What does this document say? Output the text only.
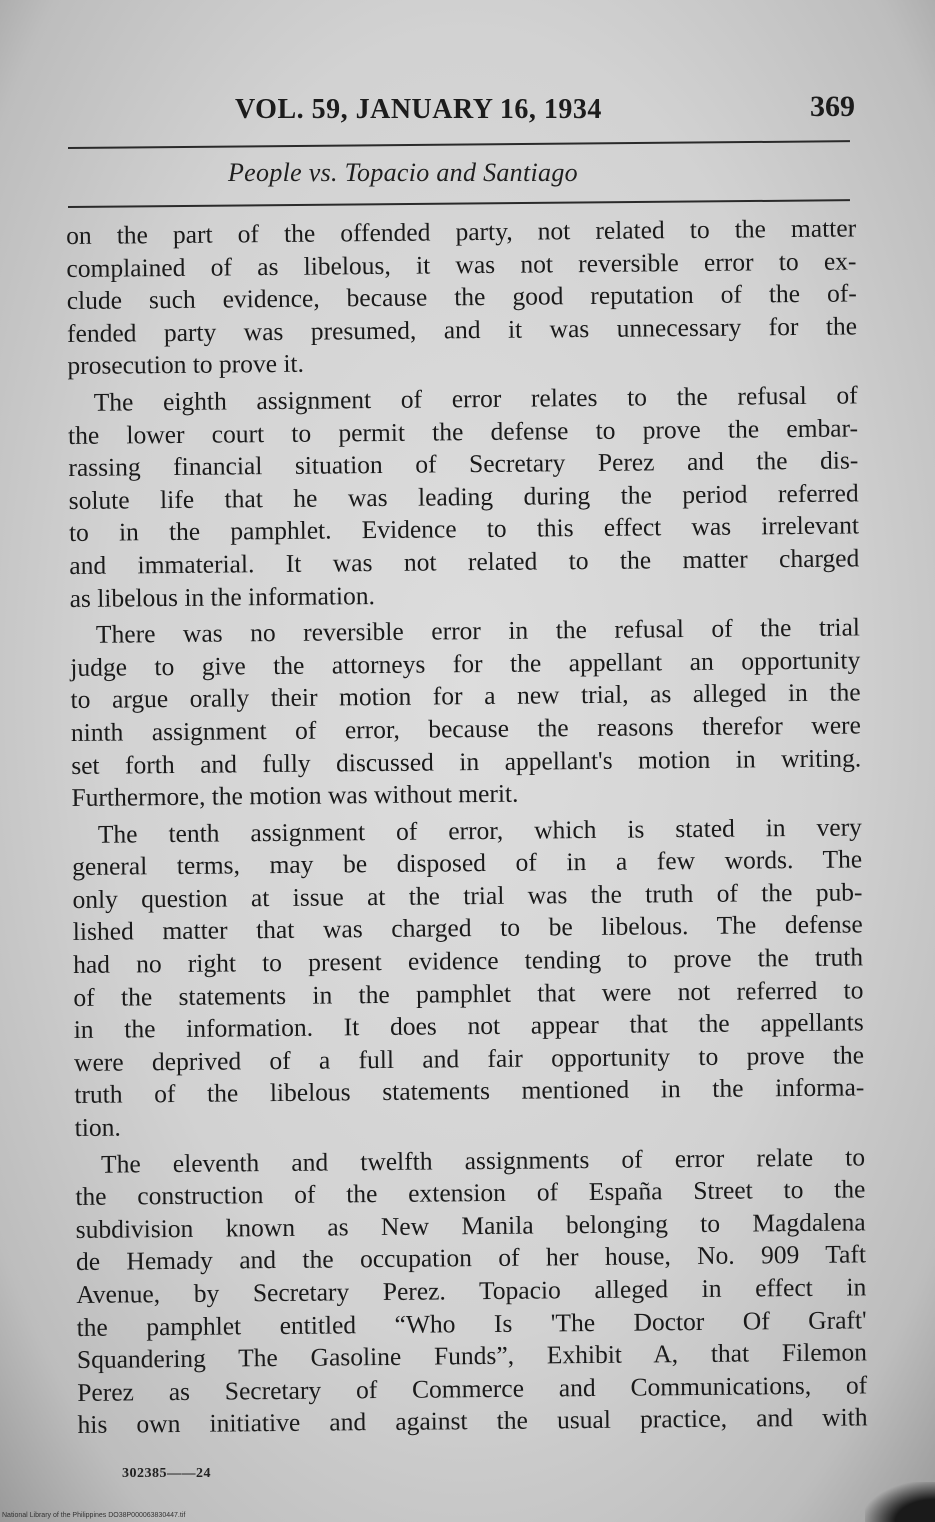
VOL. 59, JANUARY 16, 1934	369
People vs. Topacio and Santiago
on the part of the offended party, not related to the matter
complained of as libelous, it was not reversible error to ex-
clude such evidence, because the good reputation of the of-
fended party was presumed, and it was unnecessary for the
prosecution to prove it.
The eighth assignment of error relates to the refusal of
the lower court to permit the defense to prove the embar-
rassing financial situation of Secretary Perez and the dis-
solute life that he was leading during the period referred
to in the pamphlet. Evidence to this effect was irrelevant
and immaterial. It was not related to the matter charged
as libelous in the information.
There was no reversible error in the refusal of the trial
judge to give the attorneys for the appellant an opportunity
to argue orally their motion for a new trial, as alleged in the
ninth assignment of error, because the reasons therefor were
set forth and fully discussed in appellant's motion in writing.
Furthermore, the motion was without merit.
The tenth assignment of error, which is stated in very
general terms, may be disposed of in a few words. The
only question at issue at the trial was the truth of the pub-
lished matter that was charged to be libelous. The defense
had no right to present evidence tending to prove the truth
of the statements in the pamphlet that were not referred to
in the information. It does not appear that the appellants
were deprived of a full and fair opportunity to prove the
truth of the libelous statements mentioned in the informa-
tion.
The eleventh and twelfth assignments of error relate to
the construction of the extension of España Street to the
subdivision known as New Manila belonging to Magdalena
de Hemady and the occupation of her house, No. 909 Taft
Avenue, by Secretary Perez. Topacio alleged in effect in
the pamphlet entitled “Who Is 'The Doctor Of Graft'
Squandering The Gasoline Funds”, Exhibit A, that Filemon
Perez as Secretary of Commerce and Communications, of
his own initiative and against the usual practice, and with
302385——24
National Library of the Philippines DO38P000063830447.tif
